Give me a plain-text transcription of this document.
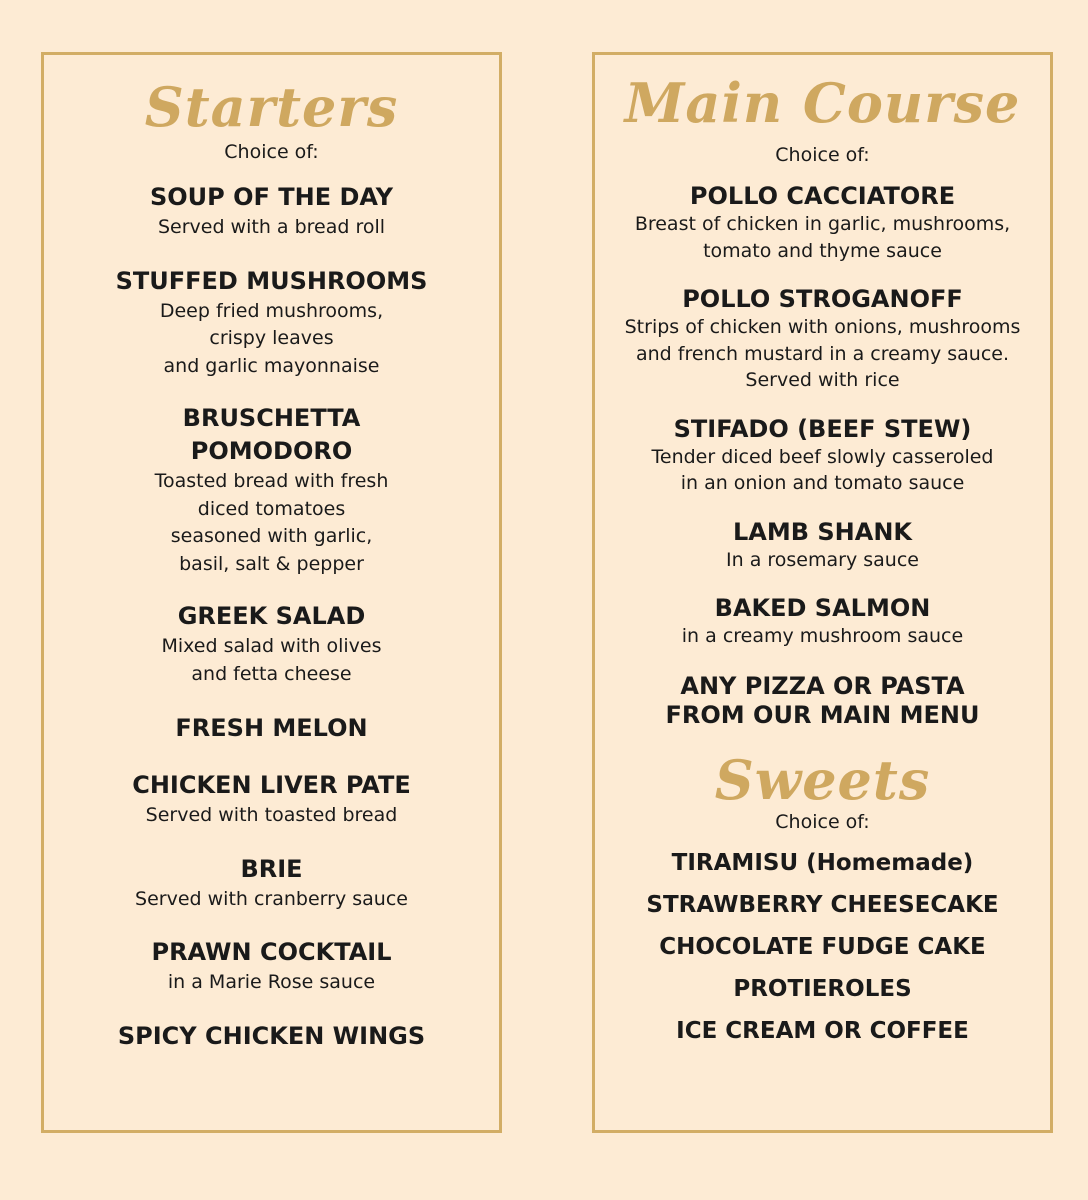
Starters

Choice of:

SOUP OF THE DAY

Served with a bread roll

STUFFED MUSHROOMS

Deep fried mushrooms,
crispy leaves
and garlic mayonnaise

BRUSCHETTA
POMODORO

Toasted bread with fresh
diced tomatoes
seasoned with garlic,
basil, salt & pepper

GREEK SALAD

Mixed salad with olives
and fetta cheese

FRESH MELON

CHICKEN LIVER PATE

Served with toasted bread

BRIE

Served with cranberry sauce

PRAWN COCKTAIL

in a Marie Rose sauce

SPICY CHICKEN WINGS

Main Course

Choice of:

POLLO CACCIATORE

Breast of chicken in garlic, mushrooms,
tomato and thyme sauce

POLLO STROGANOFF

Strips of chicken with onions, mushrooms
and french mustard in a creamy sauce.
Served with rice

STIFADO (BEEF STEW)

Tender diced beef slowly casseroled
in an onion and tomato sauce

LAMB SHANK

In a rosemary sauce

BAKED SALMON

in a creamy mushroom sauce

ANY PIZZA OR PASTA
FROM OUR MAIN MENU

Sweets

Choice of:

TIRAMISU (Homemade)

STRAWBERRY CHEESECAKE

CHOCOLATE FUDGE CAKE

PROTIEROLES

ICE CREAM OR COFFEE
